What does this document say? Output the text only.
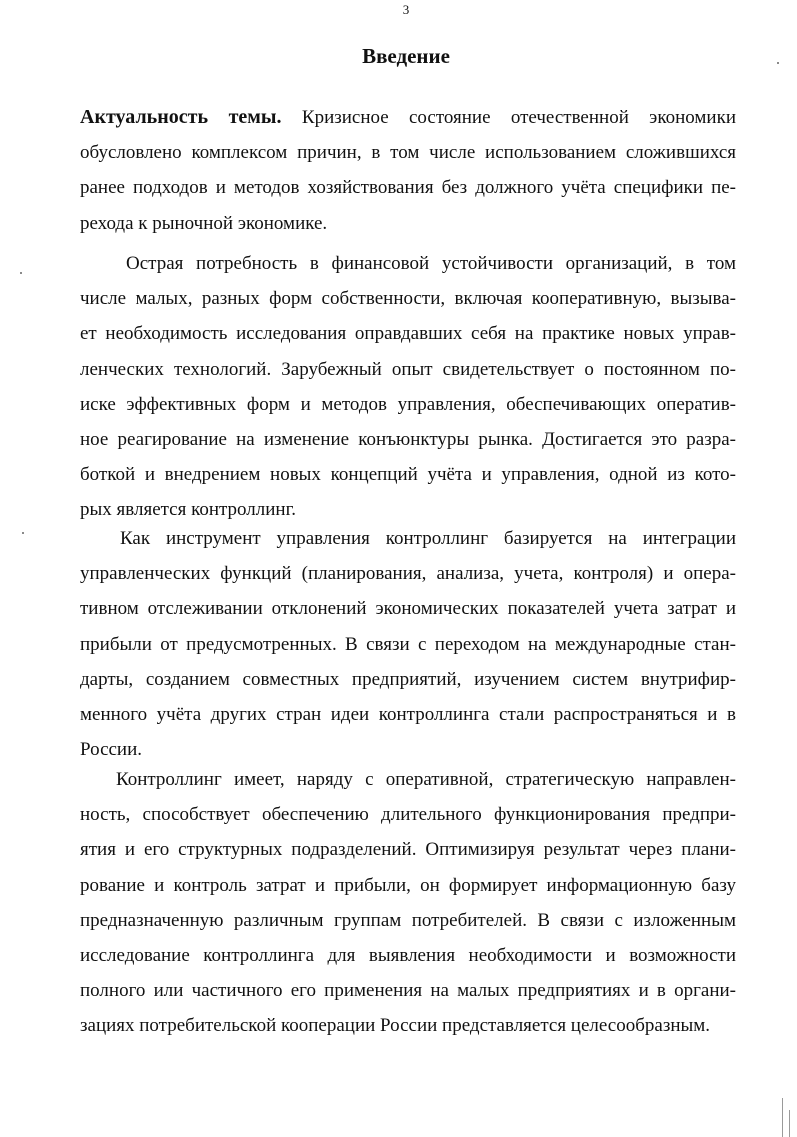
3
Введение
Актуальность темы. Кризисное состояние отечественной экономики
обусловлено комплексом причин, в том числе использованием сложившихся
ранее подходов и методов хозяйствования без должного учёта специфики пе-
рехода к рыночной экономике.
Острая потребность в финансовой устойчивости организаций, в том
числе малых, разных форм собственности, включая кооперативную, вызыва-
ет необходимость исследования оправдавших себя на практике новых управ-
ленческих технологий. Зарубежный опыт свидетельствует о постоянном по-
иске эффективных форм и методов управления, обеспечивающих оператив-
ное реагирование на изменение конъюнктуры рынка. Достигается это разра-
боткой и внедрением новых концепций учёта и управления, одной из кото-
рых является контроллинг.
Как инструмент управления контроллинг базируется на интеграции
управленческих функций (планирования, анализа, учета, контроля) и опера-
тивном отслеживании отклонений экономических показателей учета затрат и
прибыли от предусмотренных. В связи с переходом на международные стан-
дарты, созданием совместных предприятий, изучением систем внутрифир-
менного учёта других стран идеи контроллинга стали распространяться и в
России.
Контроллинг имеет, наряду с оперативной, стратегическую направлен-
ность, способствует обеспечению длительного функционирования предпри-
ятия и его структурных подразделений. Оптимизируя результат через плани-
рование и контроль затрат и прибыли, он формирует информационную базу
предназначенную различным группам потребителей. В связи с изложенным
исследование контроллинга для выявления необходимости и возможности
полного или частичного его применения на малых предприятиях и в органи-
зациях потребительской кооперации России представляется целесообразным.
